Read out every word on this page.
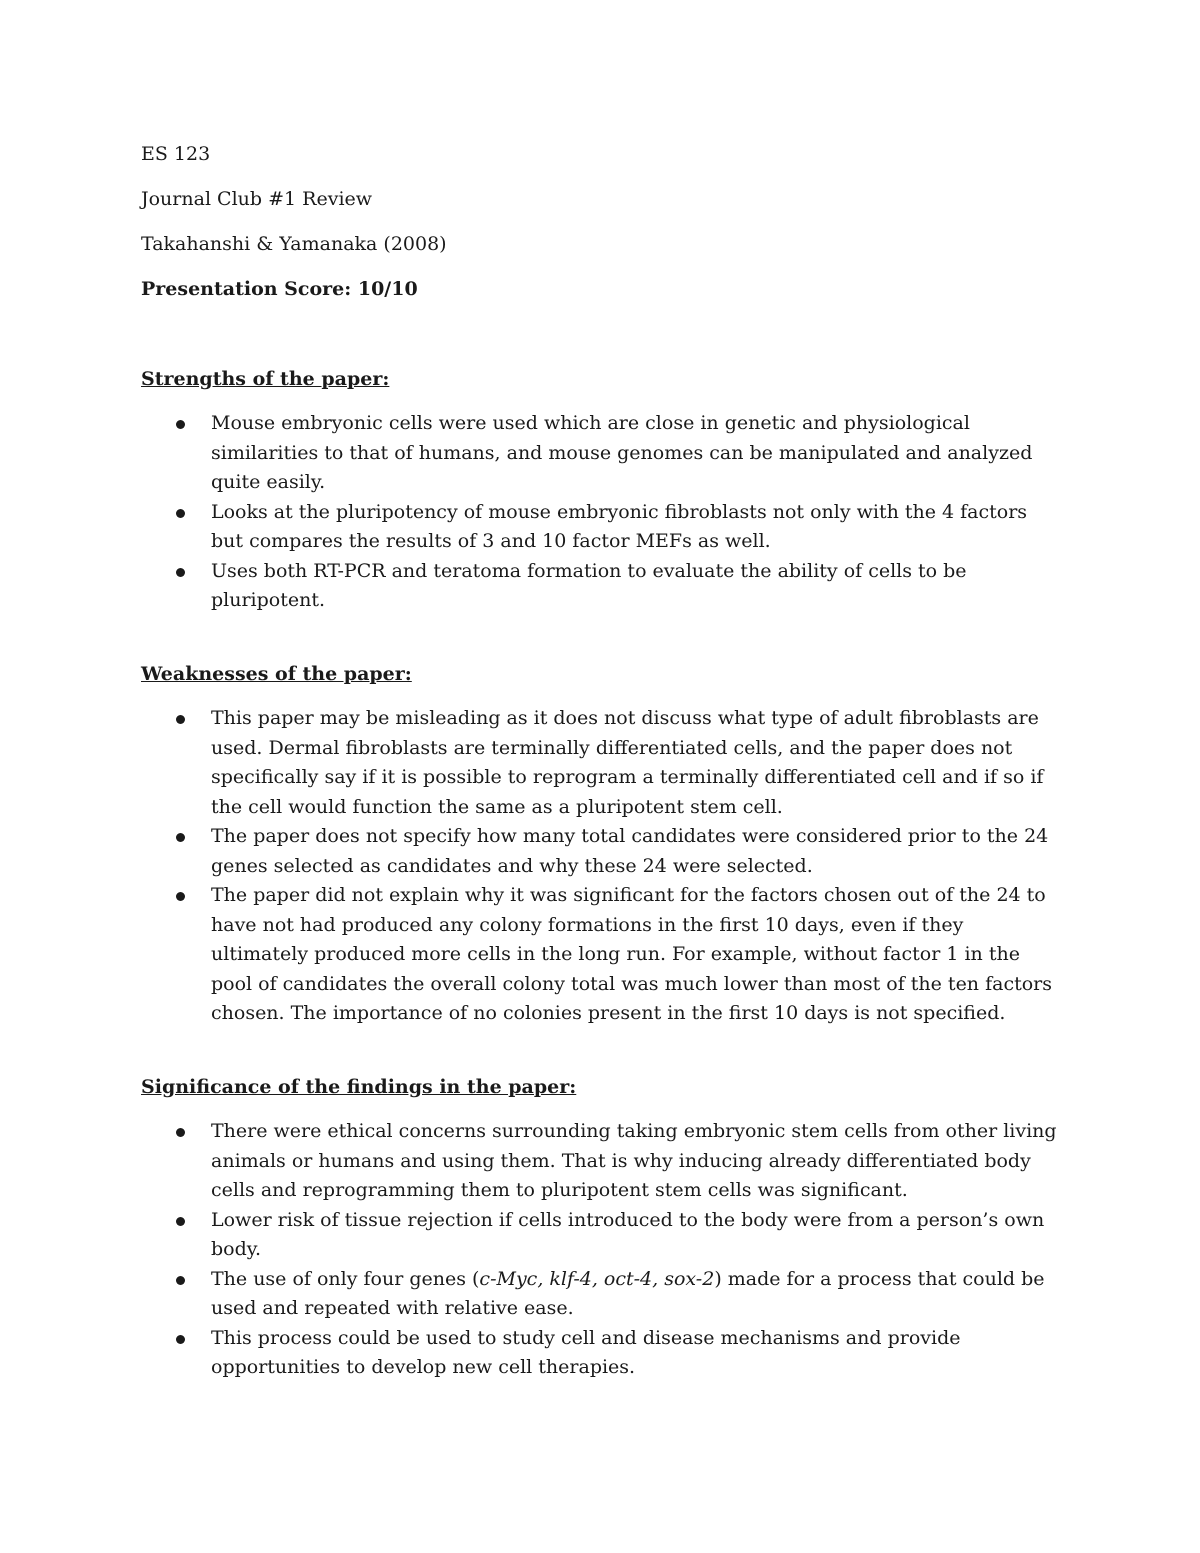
ES 123

Journal Club #1 Review

Takahanshi & Yamanaka (2008)

Presentation Score: 10/10

Strengths of the paper:

Mouse embryonic cells were used which are close in genetic and physiological similarities to that of humans, and mouse genomes can be manipulated and analyzed quite easily.
Looks at the pluripotency of mouse embryonic fibroblasts not only with the 4 factors but compares the results of 3 and 10 factor MEFs as well.
Uses both RT-PCR and teratoma formation to evaluate the ability of cells to be pluripotent.

Weaknesses of the paper:

This paper may be misleading as it does not discuss what type of adult fibroblasts are used. Dermal fibroblasts are terminally differentiated cells, and the paper does not specifically say if it is possible to reprogram a terminally differentiated cell and if so if the cell would function the same as a pluripotent stem cell.
The paper does not specify how many total candidates were considered prior to the 24 genes selected as candidates and why these 24 were selected.
The paper did not explain why it was significant for the factors chosen out of the 24 to have not had produced any colony formations in the first 10 days, even if they ultimately produced more cells in the long run. For example, without factor 1 in the pool of candidates the overall colony total was much lower than most of the ten factors chosen. The importance of no colonies present in the first 10 days is not specified.

Significance of the findings in the paper:

There were ethical concerns surrounding taking embryonic stem cells from other living animals or humans and using them. That is why inducing already differentiated body cells and reprogramming them to pluripotent stem cells was significant.
Lower risk of tissue rejection if cells introduced to the body were from a person’s own body.
The use of only four genes (c-Myc, klf-4, oct-4, sox-2) made for a process that could be used and repeated with relative ease.
This process could be used to study cell and disease mechanisms and provide opportunities to develop new cell therapies.
